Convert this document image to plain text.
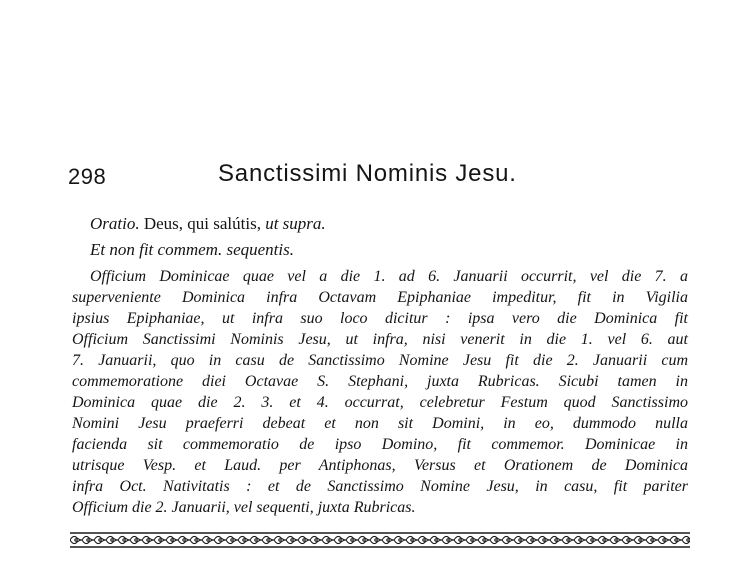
298	Sanctissimi Nominis Jesu.
Oratio. Deus, qui salútis, ut supra.
Et non fit commem. sequentis.
Officium Dominicae quae vel a die 1. ad 6. Januarii occurrit, vel die 7. a
superveniente Dominica infra Octavam Epiphaniae impeditur, fit in Vigilia
ipsius Epiphaniae, ut infra suo loco dicitur : ipsa vero die Dominica fit
Officium Sanctissimi Nominis Jesu, ut infra, nisi venerit in die 1. vel 6. aut
7. Januarii, quo in casu de Sanctissimo Nomine Jesu fit die 2. Januarii cum
commemoratione diei Octavae S. Stephani, juxta Rubricas. Sicubi tamen in
Dominica quae die 2. 3. et 4. occurrat, celebretur Festum quod Sanctissimo
Nomini Jesu praeferri debeat et non sit Domini, in eo, dummodo nulla
facienda sit commemoratio de ipso Domino, fit commemor. Dominicae in
utrisque Vesp. et Laud. per Antiphonas, Versus et Orationem de Dominica
infra Oct. Nativitatis : et de Sanctissimo Nomine Jesu, in casu, fit pariter
Officium die 2. Januarii, vel sequenti, juxta Rubricas.
